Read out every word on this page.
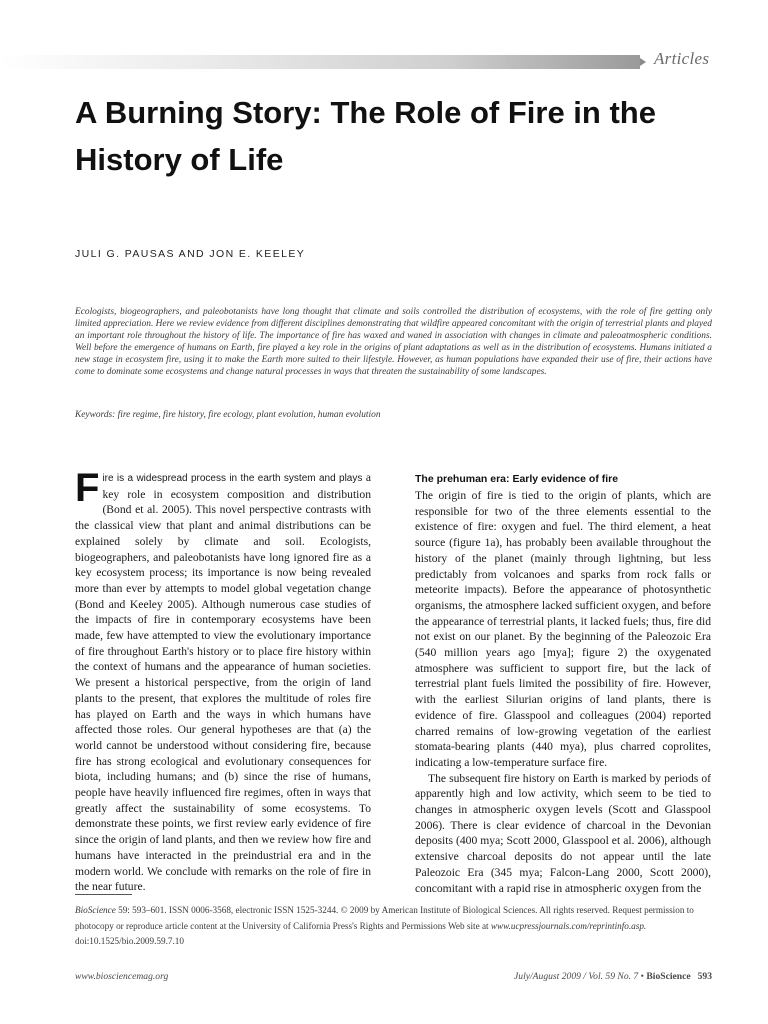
Articles
A Burning Story: The Role of Fire in the History of Life
JULI G. PAUSAS AND JON E. KEELEY

Ecologists, biogeographers, and paleobotanists have long thought that climate and soils controlled the distribution of ecosystems, with the role of fire getting only limited appreciation. Here we review evidence from different disciplines demonstrating that wildfire appeared concomitant with the origin of terrestrial plants and played an important role throughout the history of life. The importance of fire has waxed and waned in association with changes in climate and paleoatmospheric conditions. Well before the emergence of humans on Earth, fire played a key role in the origins of plant adaptations as well as in the distribution of ecosystems. Humans initiated a new stage in ecosystem fire, using it to make the Earth more suited to their lifestyle. However, as human populations have expanded their use of fire, their actions have come to dominate some ecosystems and change natural processes in ways that threaten the sustainability of some landscapes.

Keywords: fire regime, fire history, fire ecology, plant evolution, human evolution

Fire is a widespread process in the earth system and plays a key role in ecosystem composition and distribution (Bond et al. 2005). This novel perspective contrasts with the classical view that plant and animal distributions can be explained solely by climate and soil. Ecologists, biogeographers, and paleobotanists have long ignored fire as a key ecosystem process; its importance is now being revealed more than ever by attempts to model global vegetation change (Bond and Keeley 2005). Although numerous case studies of the impacts of fire in contemporary ecosystems have been made, few have attempted to view the evolutionary importance of fire throughout Earth's history or to place fire history within the context of humans and the appearance of human societies. We present a historical perspective, from the origin of land plants to the present, that explores the multitude of roles fire has played on Earth and the ways in which humans have affected those roles. Our general hypotheses are that (a) the world cannot be understood without considering fire, because fire has strong ecological and evolutionary consequences for biota, including humans; and (b) since the rise of humans, people have heavily influenced fire regimes, often in ways that greatly affect the sustainability of some ecosystems. To demonstrate these points, we first review early evidence of fire since the origin of land plants, and then we review how fire and humans have interacted in the preindustrial era and in the modern world. We conclude with remarks on the role of fire in the near future.

The prehuman era: Early evidence of fire

The origin of fire is tied to the origin of plants, which are responsible for two of the three elements essential to the existence of fire: oxygen and fuel. The third element, a heat source (figure 1a), has probably been available throughout the history of the planet (mainly through lightning, but less predictably from volcanoes and sparks from rock falls or meteorite impacts). Before the appearance of photosynthetic organisms, the atmosphere lacked sufficient oxygen, and before the appearance of terrestrial plants, it lacked fuels; thus, fire did not exist on our planet. By the beginning of the Paleozoic Era (540 million years ago [mya]; figure 2) the oxygenated atmosphere was sufficient to support fire, but the lack of terrestrial plant fuels limited the possibility of fire. However, with the earliest Silurian origins of land plants, there is evidence of fire. Glasspool and colleagues (2004) reported charred remains of low-growing vegetation of the earliest stomata-bearing plants (440 mya), plus charred coprolites, indicating a low-temperature surface fire.

The subsequent fire history on Earth is marked by periods of apparently high and low activity, which seem to be tied to changes in atmospheric oxygen levels (Scott and Glasspool 2006). There is clear evidence of charcoal in the Devonian deposits (400 mya; Scott 2000, Glasspool et al. 2006), although extensive charcoal deposits do not appear until the late Paleozoic Era (345 mya; Falcon-Lang 2000, Scott 2000), concomitant with a rapid rise in atmospheric oxygen from the

BioScience 59: 593–601. ISSN 0006-3568, electronic ISSN 1525-3244. © 2009 by American Institute of Biological Sciences. All rights reserved. Request permission to photocopy or reproduce article content at the University of California Press's Rights and Permissions Web site at www.ucpressjournals.com/reprintinfo.asp. doi:10.1525/bio.2009.59.7.10
www.biosciencemag.org	July/August 2009 / Vol. 59 No. 7 • BioScience 593
